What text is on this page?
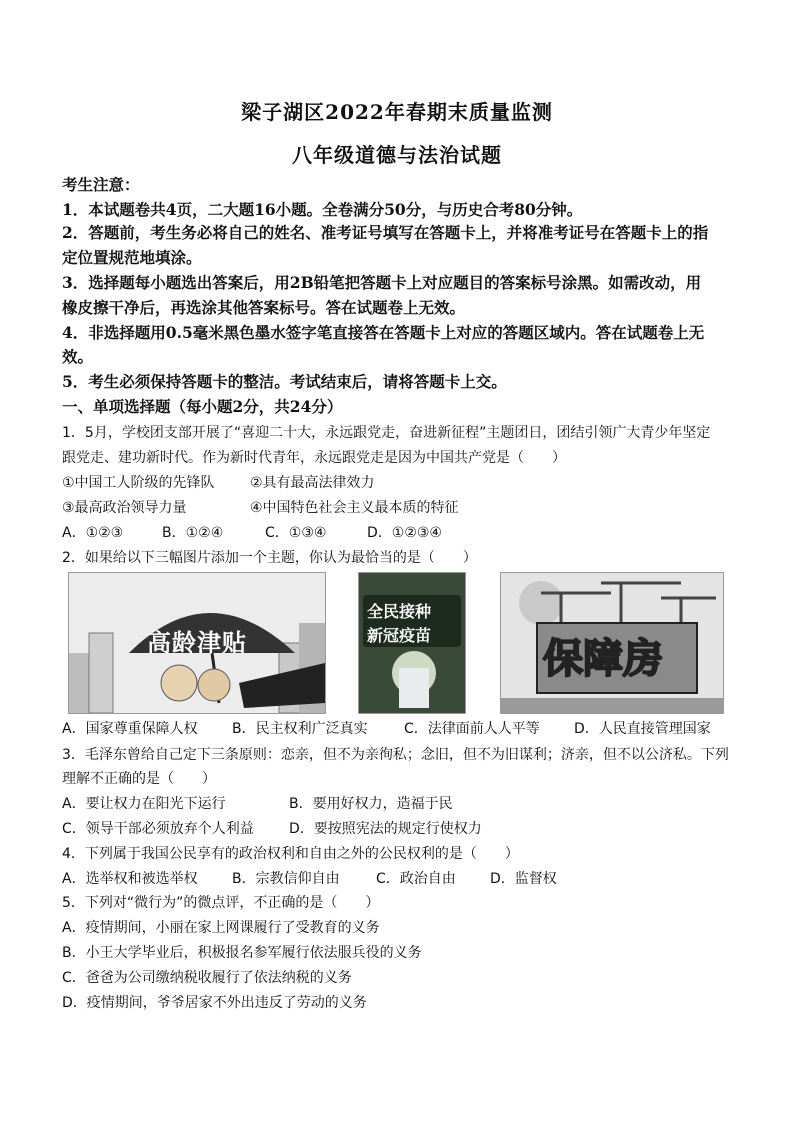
梁子湖区2022年春期末质量监测
八年级道德与法治试题
考生注意：
1．本试题卷共4页，二大题16小题。全卷满分50分，与历史合考80分钟。
2．答题前，考生务必将自己的姓名、准考证号填写在答题卡上，并将准考证号在答题卡上的指
定位置规范地填涂。
3．选择题每小题选出答案后，用2B铅笔把答题卡上对应题目的答案标号涂黑。如需改动，用
橡皮擦干净后，再选涂其他答案标号。答在试题卷上无效。
4．非选择题用0.5毫米黑色墨水签字笔直接答在答题卡上对应的答题区域内。答在试题卷上无
效。
5．考生必须保持答题卡的整洁。考试结束后，请将答题卡上交。
一、单项选择题（每小题2分，共24分）
1．5月，学校团支部开展了“喜迎二十大，永远跟党走，奋进新征程”主题团日，团结引领广大青少年坚定
跟党走、建功新时代。作为新时代青年，永远跟党走是因为中国共产党是（　　）
①中国工人阶级的先锋队	②具有最高法律效力
③最高政治领导力量	④中国特色社会主义最本质的特征
A．①②③	B．①②④	C．①③④	D．①②③④
2．如果给以下三幅图片添加一个主题，你认为最恰当的是（　　）
高龄津贴
全民接种
新冠疫苗
保障房
A．国家尊重保障人权 B．民主权利广泛真实	C．法律面前人人平等 D．人民直接管理国家
3．毛泽东曾给自己定下三条原则：恋亲，但不为亲徇私；念旧，但不为旧谋利；济亲，但不以公济私。下列
理解不正确的是（　　）
A．要让权力在阳光下运行	B．要用好权力，造福于民
C．领导干部必须放弃个人利益	D．要按照宪法的规定行使权力
4．下列属于我国公民享有的政治权利和自由之外的公民权利的是（　　）
A．选举权和被选举权 B．宗教信仰自由	C．政治自由 D．监督权
5．下列对“微行为”的微点评，不正确的是（　　）
A．疫情期间，小丽在家上网课履行了受教育的义务
B．小王大学毕业后，积极报名参军履行依法服兵役的义务
C．爸爸为公司缴纳税收履行了依法纳税的义务
D．疫情期间，爷爷居家不外出违反了劳动的义务
